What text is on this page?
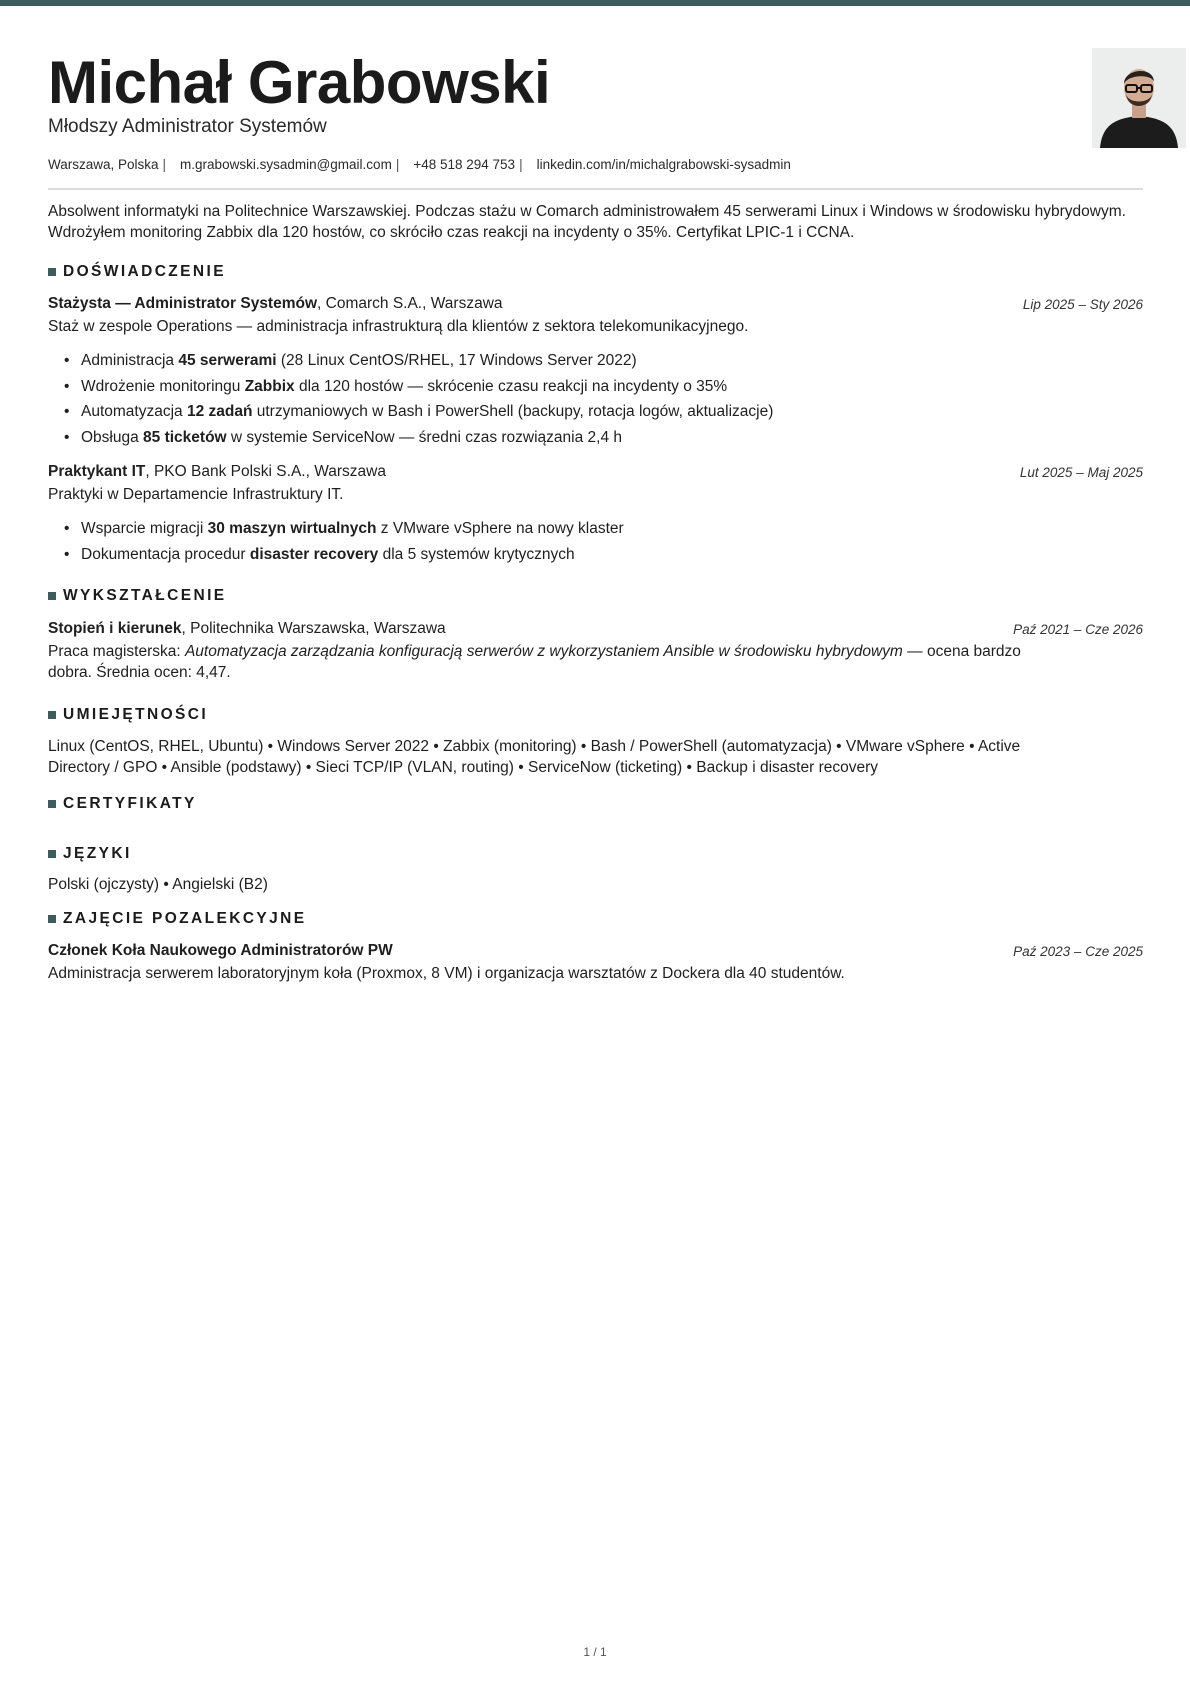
Michał Grabowski
Młodszy Administrator Systemów
Warszawa, Polska | m.grabowski.sysadmin@gmail.com | +48 518 294 753 | linkedin.com/in/michalgrabowski-sysadmin
Absolwent informatyki na Politechnice Warszawskiej. Podczas stażu w Comarch administrowałem 45 serwerami Linux i Windows w środowisku hybrydowym. Wdrożyłem monitoring Zabbix dla 120 hostów, co skróciło czas reakcji na incydenty o 35%. Certyfikat LPIC-1 i CCNA.
DOŚWIADCZENIE
Stażysta — Administrator Systemów, Comarch S.A., Warszawa	Lip 2025 – Sty 2026
Staż w zespole Operations — administracja infrastrukturą dla klientów z sektora telekomunikacyjnego.
• Administracja 45 serwerami (28 Linux CentOS/RHEL, 17 Windows Server 2022)
• Wdrożenie monitoringu Zabbix dla 120 hostów — skrócenie czasu reakcji na incydenty o 35%
• Automatyzacja 12 zadań utrzymaniowych w Bash i PowerShell (backupy, rotacja logów, aktualizacje)
• Obsługa 85 ticketów w systemie ServiceNow — średni czas rozwiązania 2,4 h
Praktykant IT, PKO Bank Polski S.A., Warszawa	Lut 2025 – Maj 2025
Praktyki w Departamencie Infrastruktury IT.
• Wsparcie migracji 30 maszyn wirtualnych z VMware vSphere na nowy klaster
• Dokumentacja procedur disaster recovery dla 5 systemów krytycznych
WYKSZTAŁCENIE
Stopień i kierunek, Politechnika Warszawska, Warszawa	Paź 2021 – Cze 2026
Praca magisterska: Automatyzacja zarządzania konfiguracją serwerów z wykorzystaniem Ansible w środowisku hybrydowym — ocena bardzo
dobra. Średnia ocen: 4,47.
UMIEJĘTNOŚCI
Linux (CentOS, RHEL, Ubuntu) • Windows Server 2022 • Zabbix (monitoring) • Bash / PowerShell (automatyzacja) • VMware vSphere • Active
Directory / GPO • Ansible (podstawy) • Sieci TCP/IP (VLAN, routing) • ServiceNow (ticketing) • Backup i disaster recovery
CERTYFIKATY
JĘZYKI
Polski (ojczysty) • Angielski (B2)
ZAJĘCIE POZALEKCYJNE
Członek Koła Naukowego Administratorów PW	Paź 2023 – Cze 2025
Administracja serwerem laboratoryjnym koła (Proxmox, 8 VM) i organizacja warsztatów z Dockera dla 40 studentów.
1 / 1
